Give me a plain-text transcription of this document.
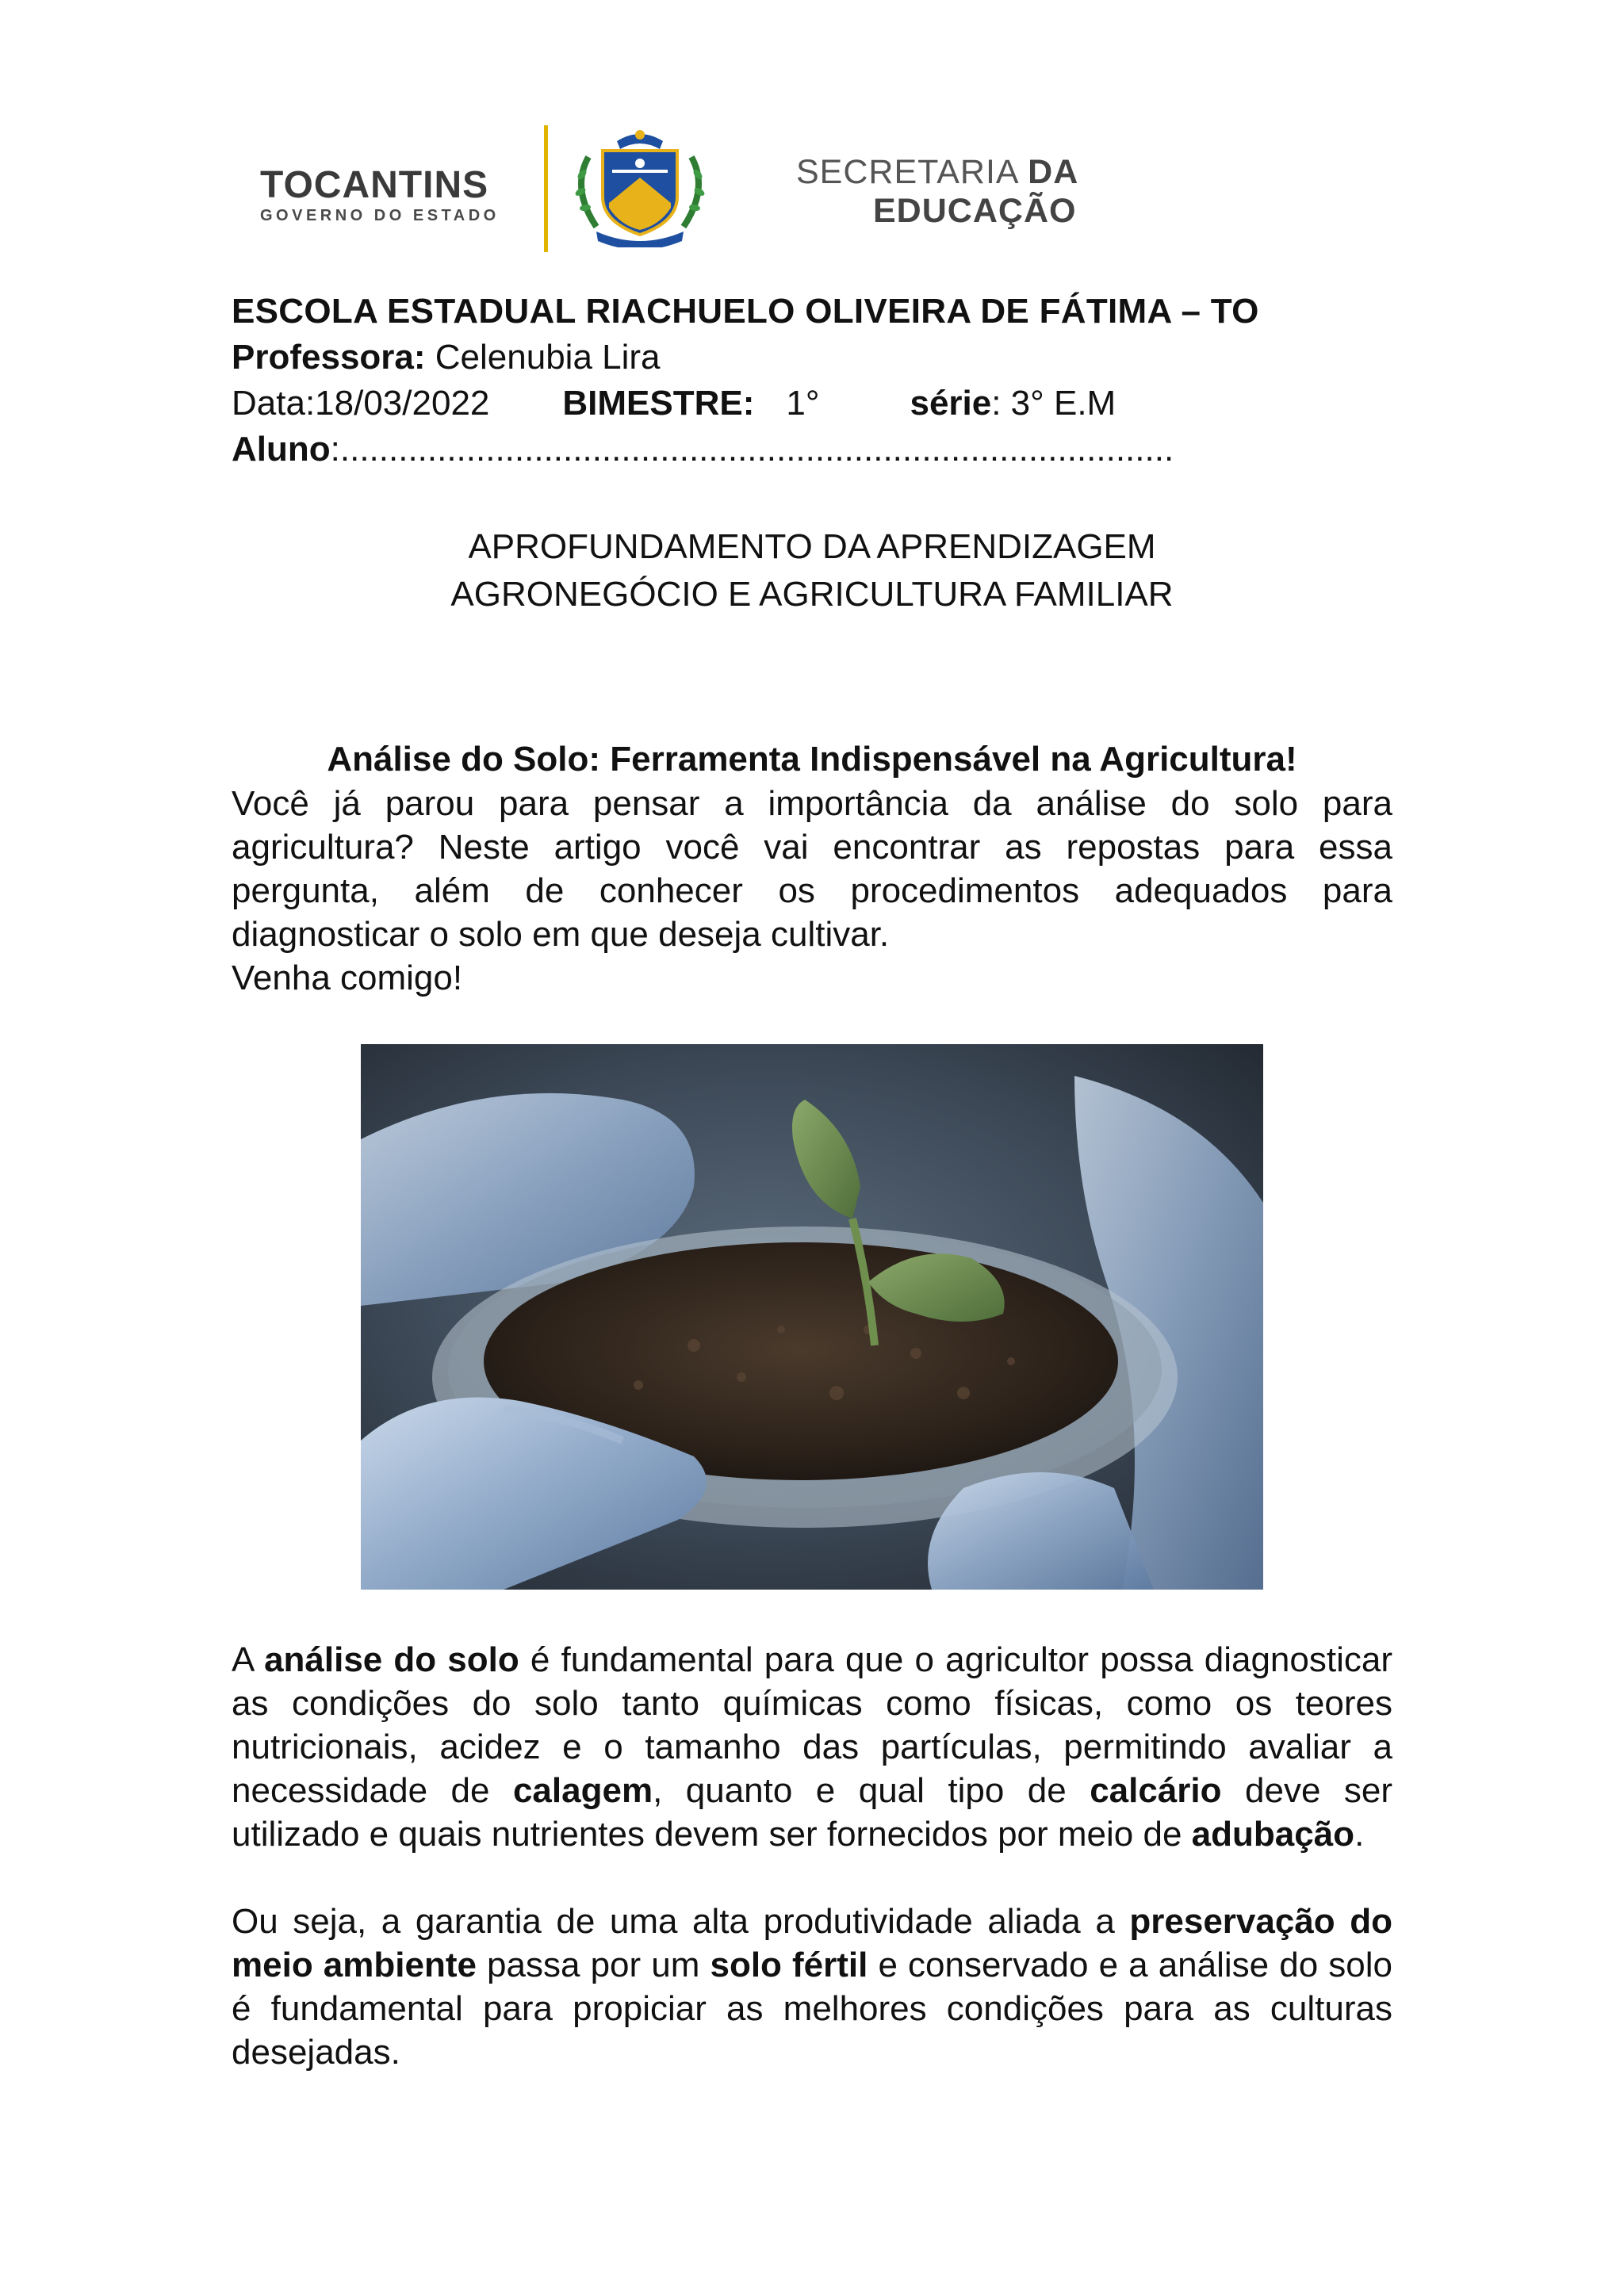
TOCANTINS
GOVERNO DO ESTADO
SECRETARIA DA
EDUCAÇÃO
ESCOLA ESTADUAL RIACHUELO OLIVEIRA DE FÁTIMA – TO
Professora: Celenubia Lira
Data:18/03/2022 BIMESTRE: 1°	série: 3° E.M
Aluno:......................................................................................
APROFUNDAMENTO DA APRENDIZAGEM
AGRONEGÓCIO E AGRICULTURA FAMILIAR
Análise do Solo: Ferramenta Indispensável na Agricultura!
Você já parou para pensar a importância da análise do solo para agricultura? Neste artigo você vai encontrar as repostas para essa pergunta, além de conhecer os procedimentos adequados para diagnosticar o solo em que deseja cultivar.
Venha comigo!
A análise do solo é fundamental para que o agricultor possa diagnosticar as condições do solo tanto químicas como físicas, como os teores nutricionais, acidez e o tamanho das partículas, permitindo avaliar a necessidade de calagem, quanto e qual tipo de calcário deve ser utilizado e quais nutrientes devem ser fornecidos por meio de adubação.
Ou seja, a garantia de uma alta produtividade aliada a preservação do meio ambiente passa por um solo fértil e conservado e a análise do solo é fundamental para propiciar as melhores condições para as culturas desejadas.
